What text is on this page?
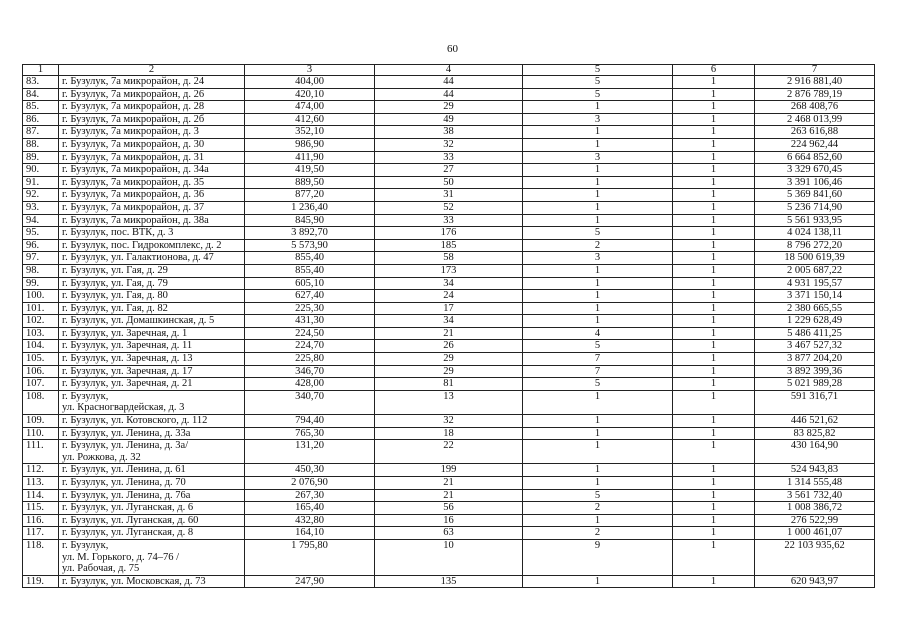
60
1	2	3	4	5	6	7
83.	г. Бузулук, 7а микрорайон, д. 24	404,00	44	5	1	2 916 881,40
84.	г. Бузулук, 7а микрорайон, д. 26	420,10	44	5	1	2 876 789,19
85.	г. Бузулук, 7а микрорайон, д. 28	474,00	29	1	1	268 408,76
86.	г. Бузулук, 7а микрорайон, д. 2б	412,60	49	3	1	2 468 013,99
87.	г. Бузулук, 7а микрорайон, д. 3	352,10	38	1	1	263 616,88
88.	г. Бузулук, 7а микрорайон, д. 30	986,90	32	1	1	224 962,44
89.	г. Бузулук, 7а микрорайон, д. 31	411,90	33	3	1	6 664 852,60
90.	г. Бузулук, 7а микрорайон, д. 34а	419,50	27	1	1	3 329 670,45
91.	г. Бузулук, 7а микрорайон, д. 35	889,50	50	1	1	3 391 106,46
92.	г. Бузулук, 7а микрорайон, д. 36	877,20	31	1	1	5 369 841,60
93.	г. Бузулук, 7а микрорайон, д. 37	1 236,40	52	1	1	5 236 714,90
94.	г. Бузулук, 7а микрорайон, д. 38а	845,90	33	1	1	5 561 933,95
95.	г. Бузулук, пос. ВТК, д. 3	3 892,70	176	5	1	4 024 138,11
96.	г. Бузулук, пос. Гидрокомплекс, д. 2	5 573,90	185	2	1	8 796 272,20
97.	г. Бузулук, ул. Галактионова, д. 47	855,40	58	3	1	18 500 619,39
98.	г. Бузулук, ул. Гая, д. 29	855,40	173	1	1	2 005 687,22
99.	г. Бузулук, ул. Гая, д. 79	605,10	34	1	1	4 931 195,57
100.	г. Бузулук, ул. Гая, д. 80	627,40	24	1	1	3 371 150,14
101.	г. Бузулук, ул. Гая, д. 82	225,30	17	1	1	2 380 665,55
102.	г. Бузулук, ул. Домашкинская, д. 5	431,30	34	1	1	1 229 628,49
103.	г. Бузулук, ул. Заречная, д. 1	224,50	21	4	1	5 486 411,25
104.	г. Бузулук, ул. Заречная, д. 11	224,70	26	5	1	3 467 527,32
105.	г. Бузулук, ул. Заречная, д. 13	225,80	29	7	1	3 877 204,20
106.	г. Бузулук, ул. Заречная, д. 17	346,70	29	7	1	3 892 399,36
107.	г. Бузулук, ул. Заречная, д. 21	428,00	81	5	1	5 021 989,28
108.	г. Бузулук,
ул. Красногвардейская, д. 3	340,70	13	1	1	591 316,71
109.	г. Бузулук, ул. Котовского, д. 112	794,40	32	1	1	446 521,62
110.	г. Бузулук, ул. Ленина, д. 33а	765,30	18	1	1	83 825,82
111.	г. Бузулук, ул. Ленина, д. 3а/
ул. Рожкова, д. 32	131,20	22	1	1	430 164,90
112.	г. Бузулук, ул. Ленина, д. 61	450,30	199	1	1	524 943,83
113.	г. Бузулук, ул. Ленина, д. 70	2 076,90	21	1	1	1 314 555,48
114.	г. Бузулук, ул. Ленина, д. 76а	267,30	21	5	1	3 561 732,40
115.	г. Бузулук, ул. Луганская, д. 6	165,40	56	2	1	1 008 386,72
116.	г. Бузулук, ул. Луганская, д. 60	432,80	16	1	1	276 522,99
117.	г. Бузулук, ул. Луганская, д. 8	164,10	63	2	1	1 000 461,07
118.	г. Бузулук,
ул. М. Горького, д. 74–76 /
ул. Рабочая, д. 75	1 795,80	10	9	1	22 103 935,62
119.	г. Бузулук, ул. Московская, д. 73	247,90	135	1	1	620 943,97
